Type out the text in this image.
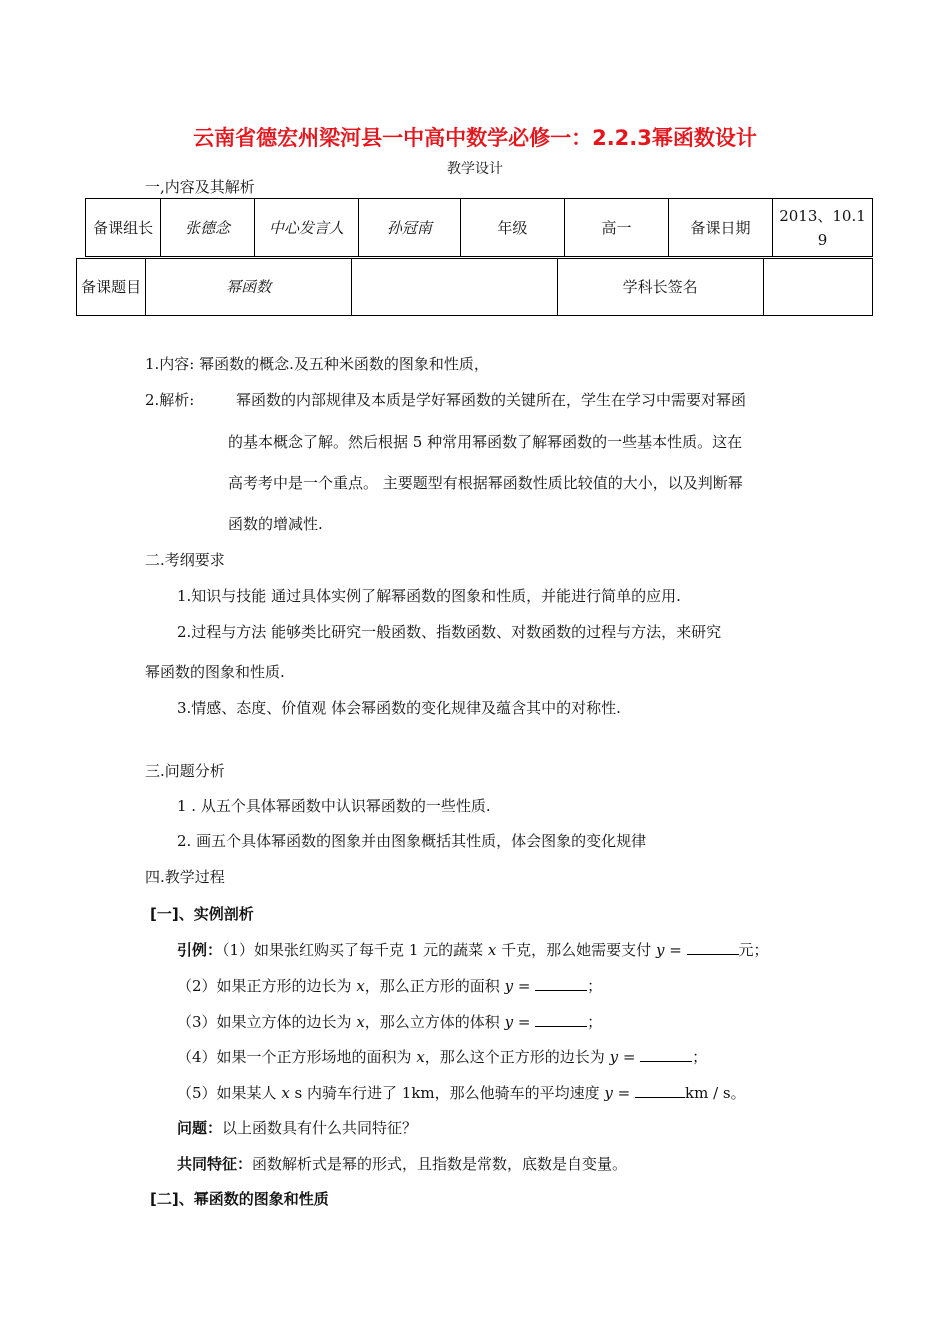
云南省德宏州梁河县一中高中数学必修一：2.2.3幂函数设计
教学设计
一,内容及其解析
备课组长	张德念	中心发言人	孙冠南	年级	高一	备课日期	2013、10.19
备课题目	幂函数		学科长签名	
1.内容: 幂函数的概念.及五种米函数的图象和性质，
2.解析:	幂函数的内部规律及本质是学好幂函数的关键所在，学生在学习中需要对幂函
的基本概念了解。然后根据 5 种常用幂函数了解幂函数的一些基本性质。这在
高考考中是一个重点。 主要题型有根据幂函数性质比较值的大小，以及判断幂
函数的增减性.
二.考纲要求
1.知识与技能 通过具体实例了解幂函数的图象和性质，并能进行简单的应用.
2.过程与方法 能够类比研究一般函数、指数函数、对数函数的过程与方法，来研究
幂函数的图象和性质.
3.情感、态度、价值观 体会幂函数的变化规律及蕴含其中的对称性.
三.问题分析
1 . 从五个具体幂函数中认识幂函数的一些性质.
2. 画五个具体幂函数的图象并由图象概括其性质，体会图象的变化规律
四.教学过程
[一]、实例剖析
引例：（1）如果张红购买了每千克 1 元的蔬菜 x 千克，那么她需要支付 y =	元；
（2）如果正方形的边长为 x，那么正方形的面积 y =	；
（3）如果立方体的边长为 x，那么立方体的体积 y =	；
（4）如果一个正方形场地的面积为 x，那么这个正方形的边长为 y =	；
（5）如果某人 x s 内骑车行进了 1km，那么他骑车的平均速度 y =	km / s。
问题：以上函数具有什么共同特征？
共同特征：函数解析式是幂的形式，且指数是常数，底数是自变量。
[二]、幂函数的图象和性质
